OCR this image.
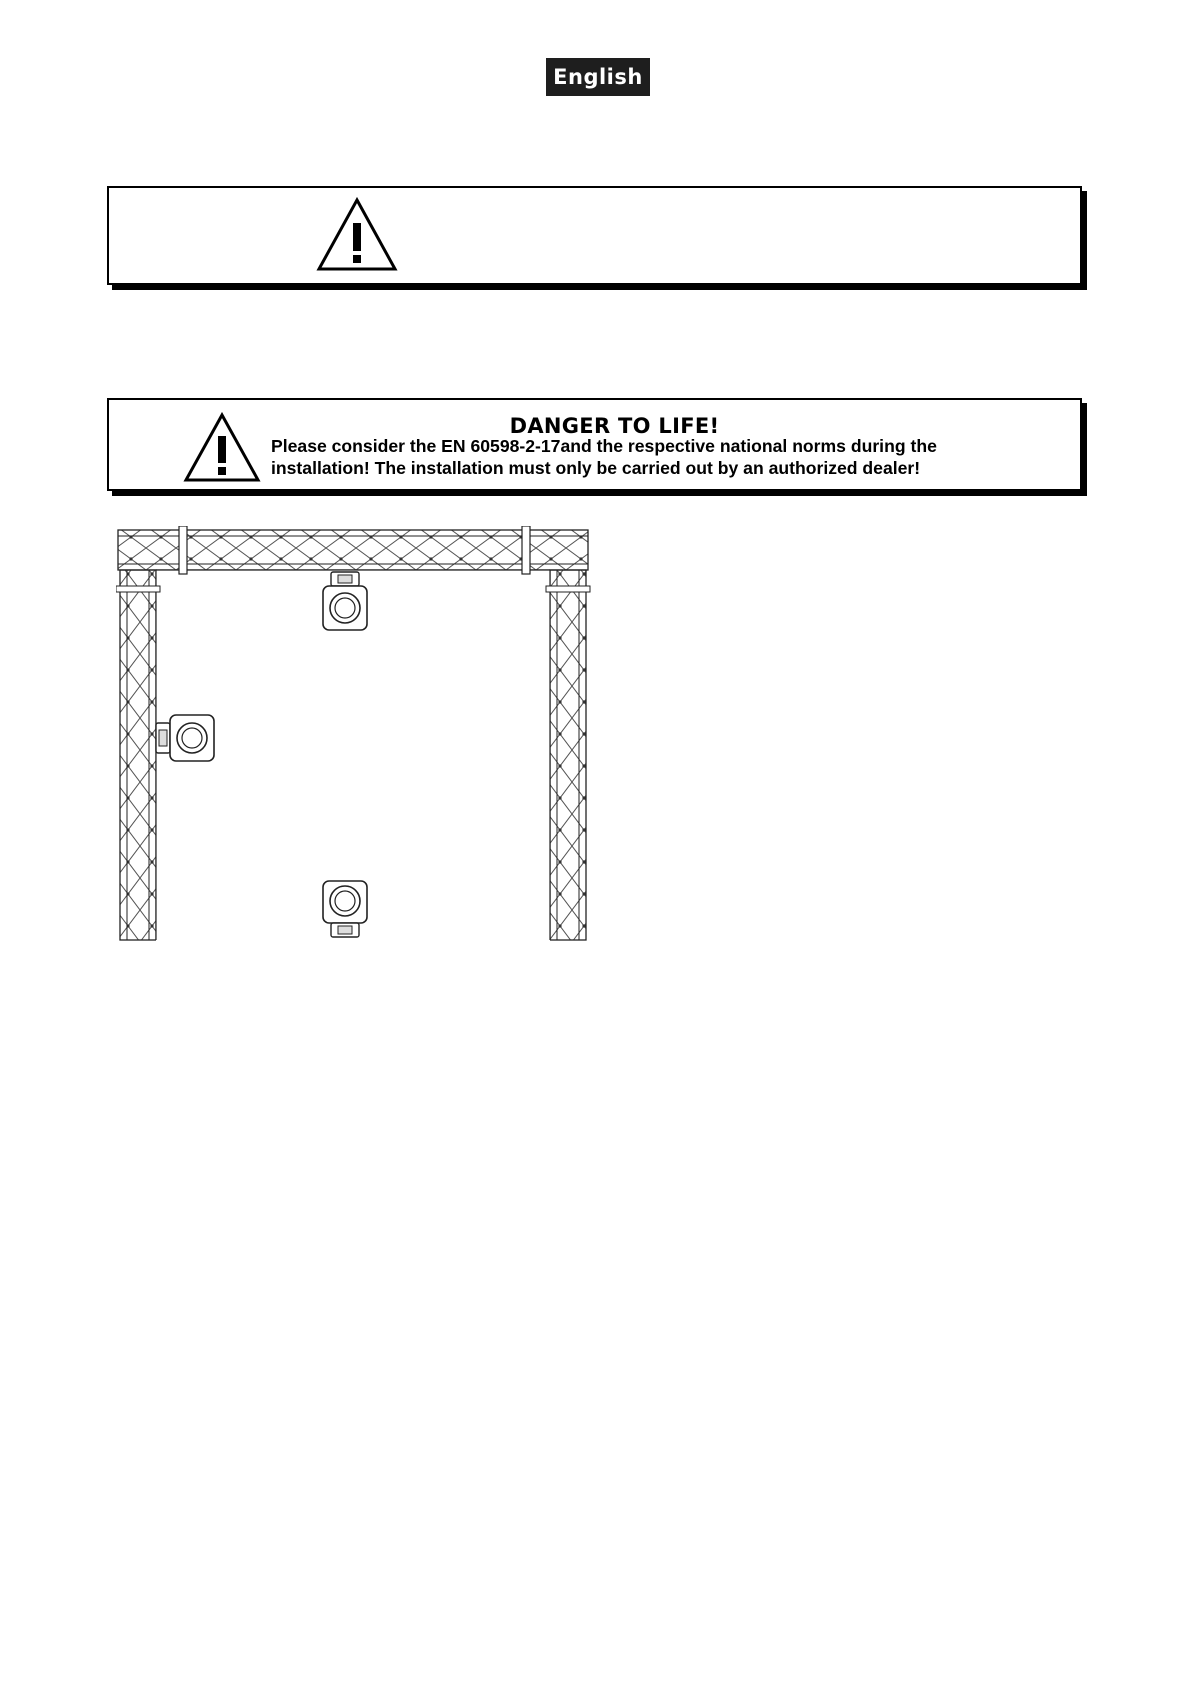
English
DANGER TO LIFE!
Please consider the EN 60598-2-17and the respective national norms during the
installation! The installation must only be carried out by an authorized dealer!
